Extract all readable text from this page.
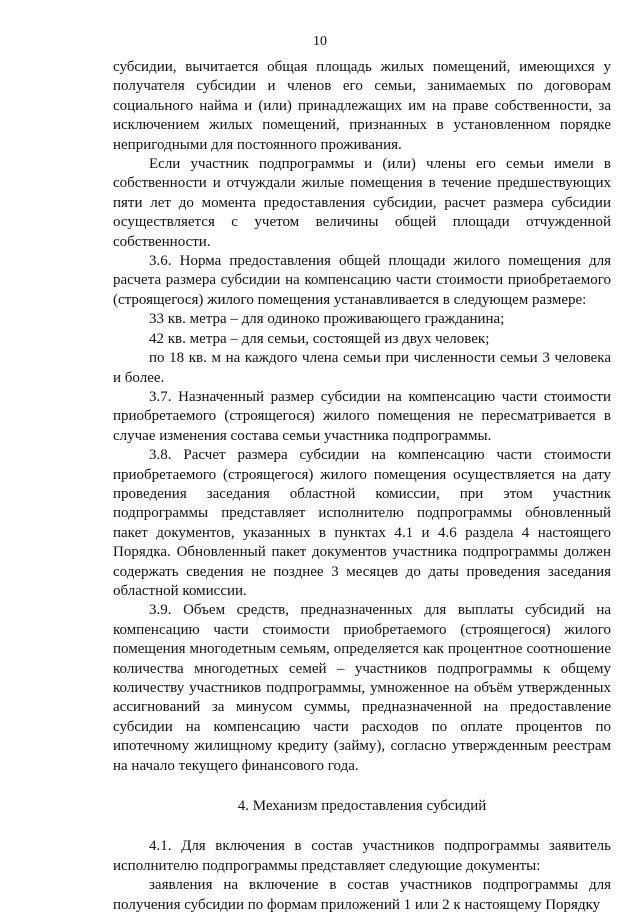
10

субсидии, вычитается общая площадь жилых помещений, имеющихся у получателя субсидии и членов его семьи, занимаемых по договорам социального найма и (или) принадлежащих им на праве собственности, за исключением жилых помещений, признанных в установленном порядке непригодными для постоянного проживания.

Если участник подпрограммы и (или) члены его семьи имели в собственности и отчуждали жилые помещения в течение предшествующих пяти лет до момента предоставления субсидии, расчет размера субсидии осуществляется с учетом величины общей площади отчужденной собственности.

3.6. Норма предоставления общей площади жилого помещения для расчета размера субсидии на компенсацию части стоимости приобретаемого (строящегося) жилого помещения устанавливается в следующем размере:

33 кв. метра – для одиноко проживающего гражданина;

42 кв. метра – для семьи, состоящей из двух человек;

по 18 кв. м на каждого члена семьи при численности семьи 3 человека и более.

3.7. Назначенный размер субсидии на компенсацию части стоимости приобретаемого (строящегося) жилого помещения не пересматривается в случае изменения состава семьи участника подпрограммы.

3.8. Расчет размера субсидии на компенсацию части стоимости приобретаемого (строящегося) жилого помещения осуществляется на дату проведения заседания областной комиссии, при этом участник подпрограммы представляет исполнителю подпрограммы обновленный пакет документов, указанных в пунктах 4.1 и 4.6 раздела 4 настоящего Порядка. Обновленный пакет документов участника подпрограммы должен содержать сведения не позднее 3 месяцев до даты проведения заседания областной комиссии.

3.9. Объем средств, предназначенных для выплаты субсидий на компенсацию части стоимости приобретаемого (строящегося) жилого помещения многодетным семьям, определяется как процентное соотношение количества многодетных семей – участников подпрограммы к общему количеству участников подпрограммы, умноженное на объём утвержденных ассигнований за минусом суммы, предназначенной на предоставление субсидии на компенсацию части расходов по оплате процентов по ипотечному жилищному кредиту (займу), согласно утвержденным реестрам на начало текущего финансового года.

4. Механизм предоставления субсидий

4.1. Для включения в состав участников подпрограммы заявитель исполнителю подпрограммы представляет следующие документы:

заявления на включение в состав участников подпрограммы для получения субсидии по формам приложений 1 или 2 к настоящему Порядку
